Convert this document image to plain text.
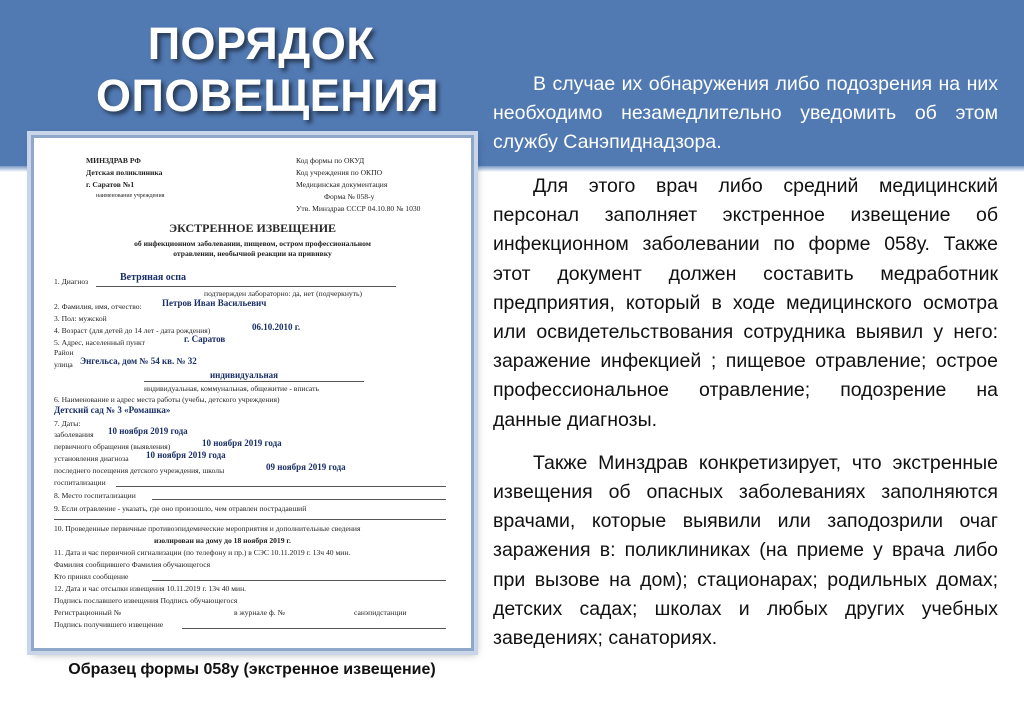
ПОРЯДОК
ОПОВЕЩЕНИЯ	В случае их обнаружения либо подозрения на них необходимо незамедлительно уведомить об этом службу Санэпиднадзора.

Для этого врач либо средний медицинский персонал заполняет экстренное извещение об инфекционном заболевании по форме 058у. Также этот документ должен составить медработник предприятия, который в ходе медицинского осмотра или освидетельствования сотрудника выявил у него: заражение инфекцией ; пищевое отравление; острое профессиональное отравление; подозрение на данные диагнозы.

Также Минздрав конкретизирует, что экстренные извещения об опасных заболеваниях заполняются врачами, которые выявили или заподозрили очаг заражения в: поликлиниках (на приеме у врача либо при вызове на дом); стационарах; родильных домах; детских садах; школах и любых других учебных заведениях; санаториях.

МИНЗДРАВ РФ
Детская поликлиника
г. Саратов №1
наименование учреждения
Код формы по ОКУД
Код учреждения по ОКПО
Медицинская документация
Форма № 058-у
Утв. Минздрав СССР 04.10.80 № 1030
ЭКСТРЕННОЕ ИЗВЕЩЕНИЕ
об инфекционном заболевании, пищевом, остром профессиональном
отравлении, необычной реакции на прививку
1. Диагноз	Ветряная оспа
подтвержден лабораторно: да, нет (подчеркнуть)
2. Фамилия, имя, отчество: Петров Иван Васильевич
3. Пол: мужской
4. Возраст (для детей до 14 лет - дата рождения)	06.10.2010 г.
5. Адрес, населенный пункт	г. Саратов
Район
улица Энгельса, дом № 54 кв. № 32
индивидуальная
индивидуальная, коммунальная, общежитие - вписать
6. Наименование и адрес места работы (учебы, детского учреждения)
Детский сад № 3 «Ромашка»
7. Даты:
заболевания 10 ноября 2019 года
первичного обращения (выявления)	10 ноября 2019 года
установления диагноза 10 ноября 2019 года
последнего посещения детского учреждения, школы	09 ноября 2019 года
госпитализации
8. Место госпитализации
9. Если отравление - указать, где оно произошло, чем отравлен пострадавший
10. Проведенные первичные противоэпидемические мероприятия и дополнительные сведения
изолирован на дому до 18 ноября 2019 г.
11. Дата и час первичной сигнализации (по телефону и пр.) в СЭС 10.11.2019 г. 13ч 40 мин.
Фамилия сообщившего Фамилия обучающегося
Кто принял сообщение
12. Дата и час отсылки извещения 10.11.2019 г. 13ч 40 мин.
Подпись пославшего извещения Подпись обучающегося
Регистрационный №	в журнале ф. №	санэпидстанции
Подпись получившего извещение
Образец формы 058у (экстренное извещение)
